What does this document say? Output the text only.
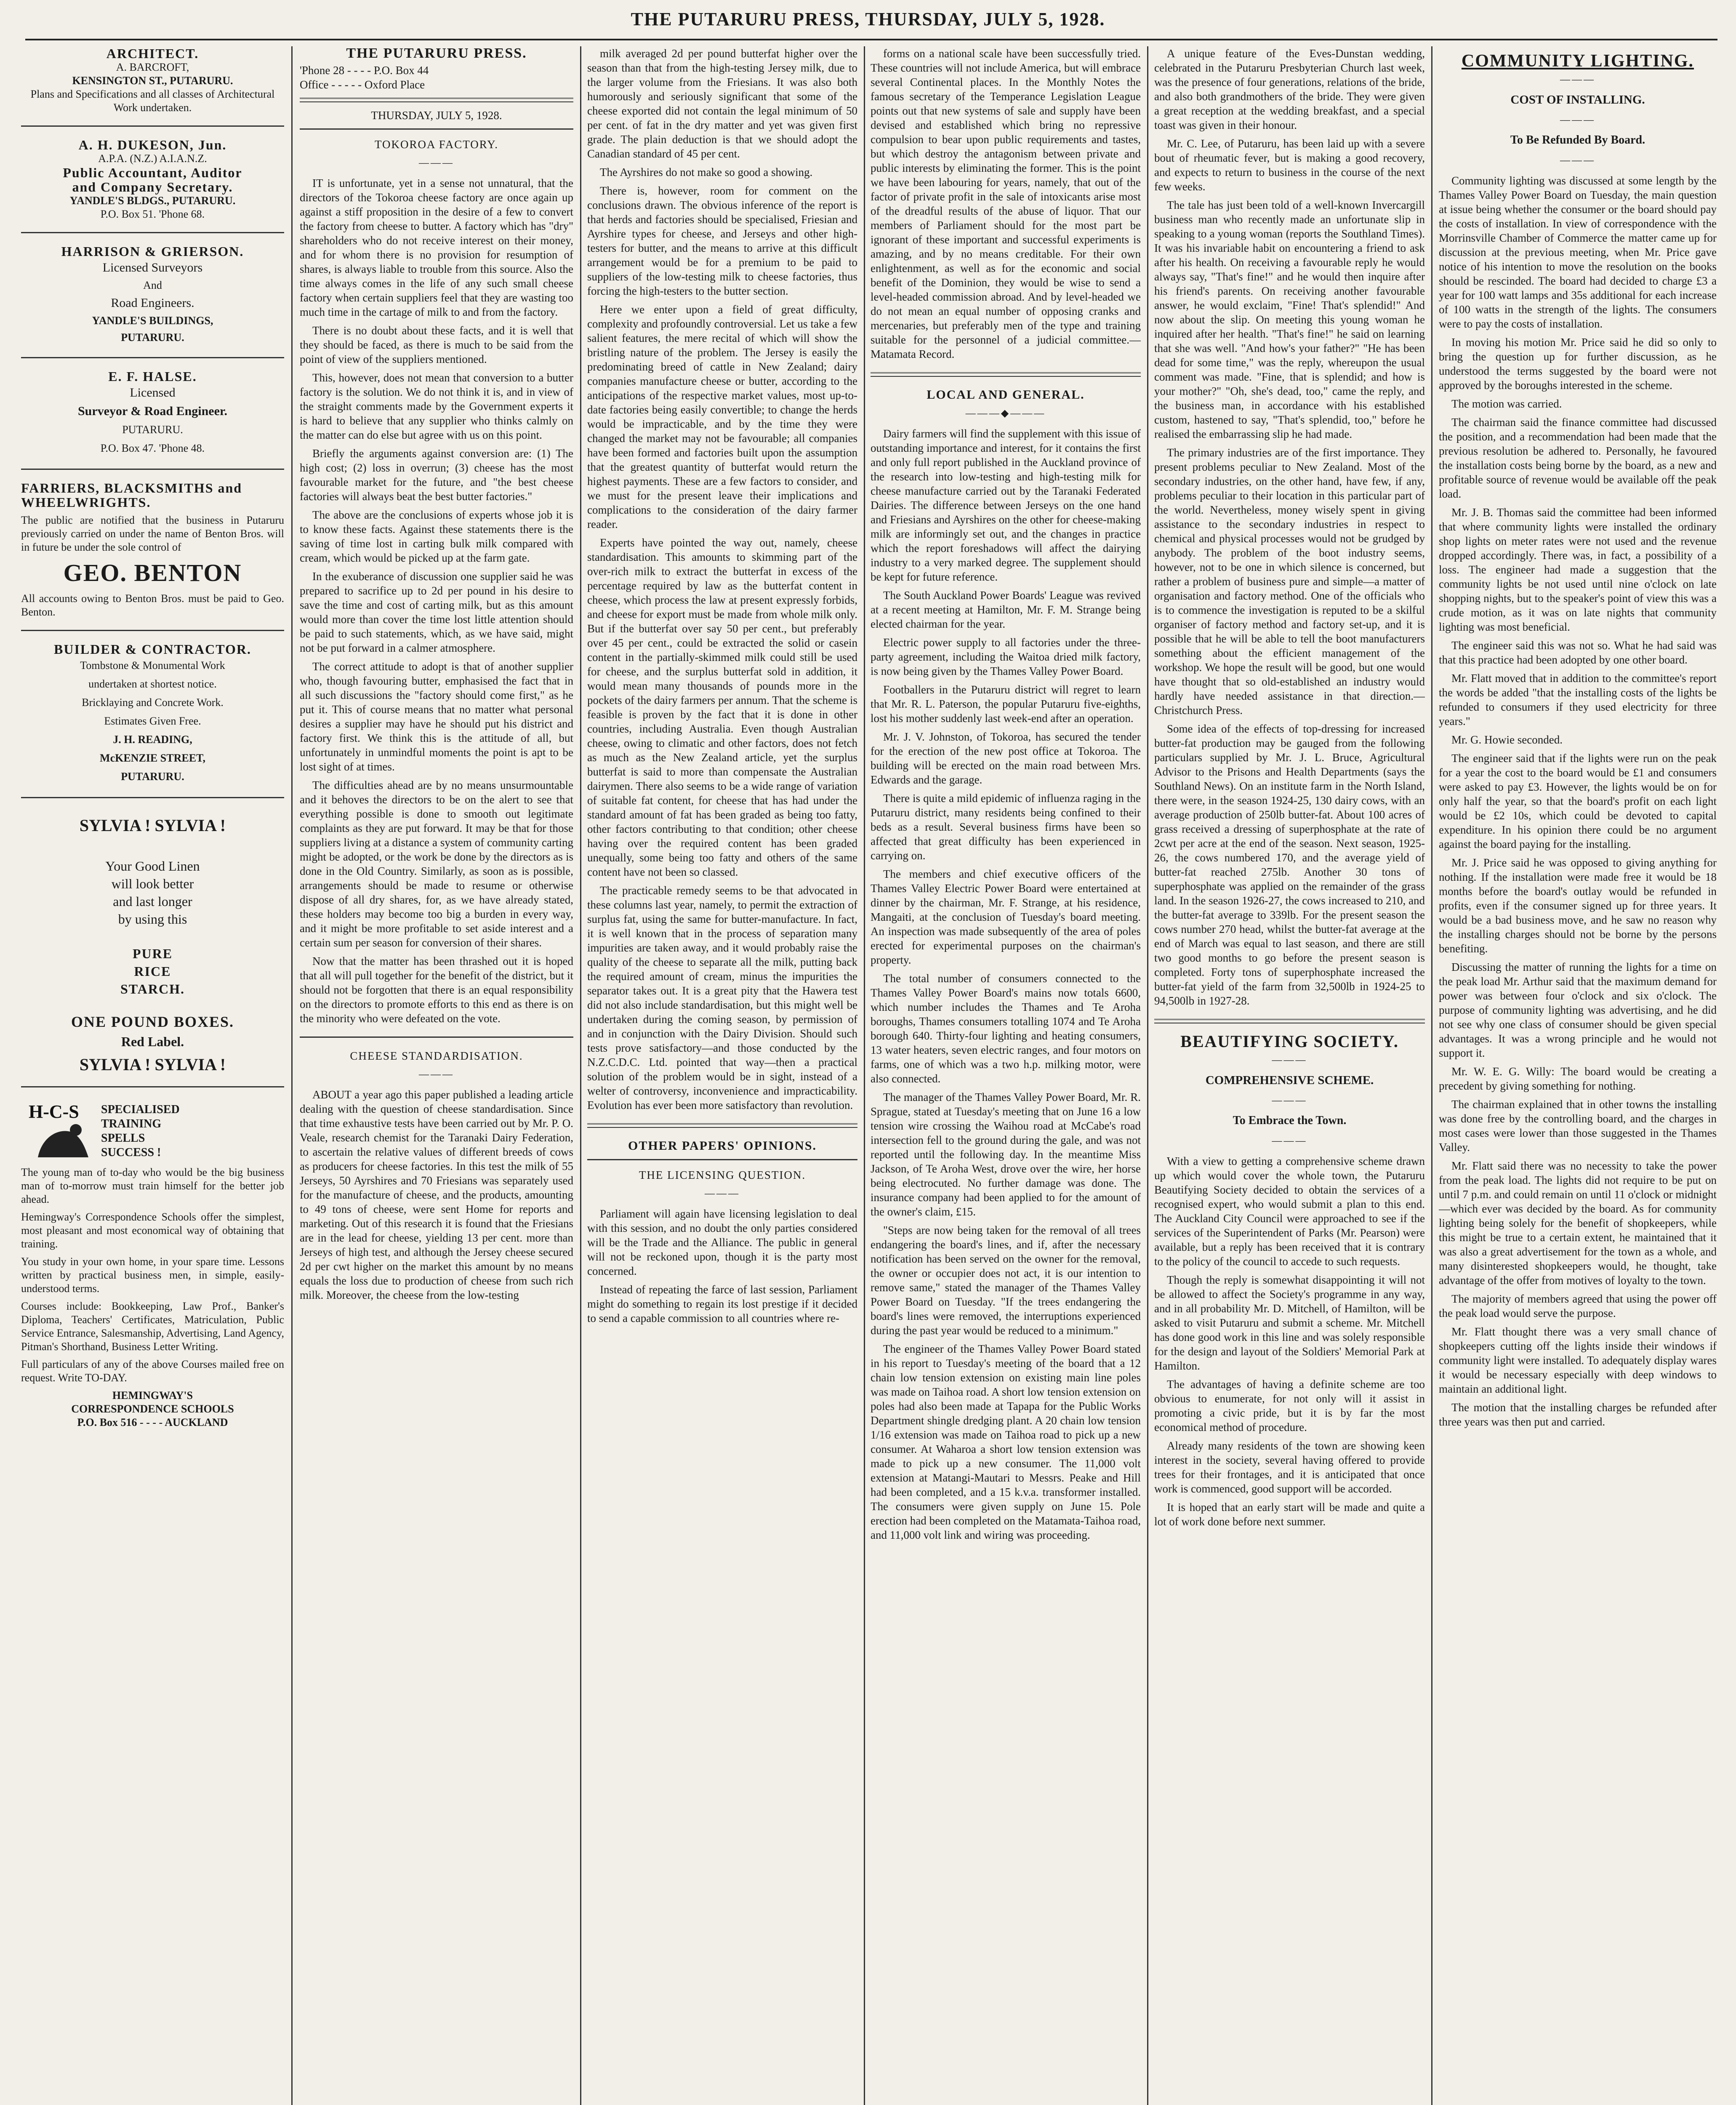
THE PUTARURU PRESS, THURSDAY, JULY 5, 1928.
ARCHITECT.
A. BARCROFT,
KENSINGTON ST., PUTARURU.
Plans and Specifications and all classes of Architectural Work undertaken.
A. H. DUKESON, Jun.
A.P.A. (N.Z.) A.I.A.N.Z.
Public Accountant, Auditor
and Company Secretary.
YANDLE'S BLDGS., PUTARURU.
P.O. Box 51. 'Phone 68.
HARRISON & GRIERSON.
Licensed Surveyors
And
Road Engineers.
YANDLE'S BUILDINGS,
PUTARURU.
E. F. HALSE.
Licensed
Surveyor & Road Engineer.
PUTARURU.
P.O. Box 47. 'Phone 48.
FARRIERS, BLACKSMITHS and WHEELWRIGHTS.

The public are notified that the business in Putaruru previously carried on under the name of Benton Bros. will in future be under the sole control of

GEO. BENTON

All accounts owing to Benton Bros. must be paid to Geo. Benton.

BUILDER & CONTRACTOR.
Tombstone & Monumental Work
undertaken at shortest notice.
Bricklaying and Concrete Work.
Estimates Given Free.
J. H. READING,
McKENZIE STREET,
PUTARURU.
SYLVIA ! SYLVIA !
Your Good Linen
will look better
and last longer
by using this
PURE
RICE
STARCH.
ONE POUND BOXES.
Red Label.
SYLVIA ! SYLVIA !
H-C-S SPECIALISED
TRAINING
SPELLS
SUCCESS !

The young man of to-day who would be the big business man of to-morrow must train himself for the better job ahead.

Hemingway's Correspondence Schools offer the simplest, most pleasant and most economical way of obtaining that training.

You study in your own home, in your spare time. Lessons written by practical business men, in simple, easily-understood terms.

Courses include: Bookkeeping, Law Prof., Banker's Diploma, Teachers' Certificates, Matriculation, Public Service Entrance, Salesmanship, Advertising, Land Agency, Pitman's Shorthand, Business Letter Writing.

Full particulars of any of the above Courses mailed free on request. Write TO-DAY.

HEMINGWAY'S
CORRESPONDENCE SCHOOLS
P.O. Box 516 - - - - AUCKLAND
THE PUTARURU PRESS.
'Phone 28 - - - - P.O. Box 44
Office - - - - - Oxford Place
THURSDAY, JULY 5, 1928.
TOKOROA FACTORY.
———

IT is unfortunate, yet in a sense not unnatural, that the directors of the Tokoroa cheese factory are once again up against a stiff proposition in the desire of a few to convert the factory from cheese to butter. A factory which has "dry" shareholders who do not receive interest on their money, and for whom there is no provision for resumption of shares, is always liable to trouble from this source. Also the time always comes in the life of any such small cheese factory when certain suppliers feel that they are wasting too much time in the cartage of milk to and from the factory.

There is no doubt about these facts, and it is well that they should be faced, as there is much to be said from the point of view of the suppliers mentioned.

This, however, does not mean that conversion to a butter factory is the solution. We do not think it is, and in view of the straight comments made by the Government experts it is hard to believe that any supplier who thinks calmly on the matter can do else but agree with us on this point.

Briefly the arguments against conversion are: (1) The high cost; (2) loss in overrun; (3) cheese has the most favourable market for the future, and "the best cheese factories will always beat the best butter factories."

The above are the conclusions of experts whose job it is to know these facts. Against these statements there is the saving of time lost in carting bulk milk compared with cream, which would be picked up at the farm gate.

In the exuberance of discussion one supplier said he was prepared to sacrifice up to 2d per pound in his desire to save the time and cost of carting milk, but as this amount would more than cover the time lost little attention should be paid to such statements, which, as we have said, might not be put forward in a calmer atmosphere.

The correct attitude to adopt is that of another supplier who, though favouring butter, emphasised the fact that in all such discussions the "factory should come first," as he put it. This of course means that no matter what personal desires a supplier may have he should put his district and factory first. We think this is the attitude of all, but unfortunately in unmindful moments the point is apt to be lost sight of at times.

The difficulties ahead are by no means unsurmountable and it behoves the directors to be on the alert to see that everything possible is done to smooth out legitimate complaints as they are put forward. It may be that for those suppliers living at a distance a system of community carting might be adopted, or the work be done by the directors as is done in the Old Country. Similarly, as soon as is possible, arrangements should be made to resume or otherwise dispose of all dry shares, for, as we have already stated, these holders may become too big a burden in every way, and it might be more profitable to set aside interest and a certain sum per season for conversion of their shares.

Now that the matter has been thrashed out it is hoped that all will pull together for the benefit of the district, but it should not be forgotten that there is an equal responsibility on the directors to promote efforts to this end as there is on the minority who were defeated on the vote.

CHEESE STANDARDISATION.
———

ABOUT a year ago this paper published a leading article dealing with the question of cheese standardisation. Since that time exhaustive tests have been carried out by Mr. P. O. Veale, research chemist for the Taranaki Dairy Federation, to ascertain the relative values of different breeds of cows as producers for cheese factories. In this test the milk of 55 Jerseys, 50 Ayrshires and 70 Friesians was separately used for the manufacture of cheese, and the products, amounting to 49 tons of cheese, were sent Home for reports and marketing. Out of this research it is found that the Friesians are in the lead for cheese, yielding 13 per cent. more than Jerseys of high test, and although the Jersey cheese secured 2d per cwt higher on the market this amount by no means equals the loss due to production of cheese from such rich milk. Moreover, the cheese from the low-testing

milk averaged 2d per pound butterfat higher over the season than that from the high-testing Jersey milk, due to the larger volume from the Friesians. It was also both humorously and seriously significant that some of the cheese exported did not contain the legal minimum of 50 per cent. of fat in the dry matter and yet was given first grade. The plain deduction is that we should adopt the Canadian standard of 45 per cent.

The Ayrshires do not make so good a showing.

There is, however, room for comment on the conclusions drawn. The obvious inference of the report is that herds and factories should be specialised, Friesian and Ayrshire types for cheese, and Jerseys and other high-testers for butter, and the means to arrive at this difficult arrangement would be for a premium to be paid to suppliers of the low-testing milk to cheese factories, thus forcing the high-testers to the butter section.

Here we enter upon a field of great difficulty, complexity and profoundly controversial. Let us take a few salient features, the mere recital of which will show the bristling nature of the problem. The Jersey is easily the predominating breed of cattle in New Zealand; dairy companies manufacture cheese or butter, according to the anticipations of the respective market values, most up-to-date factories being easily convertible; to change the herds would be impracticable, and by the time they were changed the market may not be favourable; all companies have been formed and factories built upon the assumption that the greatest quantity of butterfat would return the highest payments. These are a few factors to consider, and we must for the present leave their implications and complications to the consideration of the dairy farmer reader.

Experts have pointed the way out, namely, cheese standardisation. This amounts to skimming part of the over-rich milk to extract the butterfat in excess of the percentage required by law as the butterfat content in cheese, which process the law at present expressly forbids, and cheese for export must be made from whole milk only. But if the butterfat over say 50 per cent., but preferably over 45 per cent., could be extracted the solid or casein content in the partially-skimmed milk could still be used for cheese, and the surplus butterfat sold in addition, it would mean many thousands of pounds more in the pockets of the dairy farmers per annum. That the scheme is feasible is proven by the fact that it is done in other countries, including Australia. Even though Australian cheese, owing to climatic and other factors, does not fetch as much as the New Zealand article, yet the surplus butterfat is said to more than compensate the Australian dairymen. There also seems to be a wide range of variation of suitable fat content, for cheese that has had under the standard amount of fat has been graded as being too fatty, other factors contributing to that condition; other cheese having over the required content has been graded unequally, some being too fatty and others of the same content have not been so classed.

The practicable remedy seems to be that advocated in these columns last year, namely, to permit the extraction of surplus fat, using the same for butter-manufacture. In fact, it is well known that in the process of separation many impurities are taken away, and it would probably raise the quality of the cheese to separate all the milk, putting back the required amount of cream, minus the impurities the separator takes out. It is a great pity that the Hawera test did not also include standardisation, but this might well be undertaken during the coming season, by permission of and in conjunction with the Dairy Division. Should such tests prove satisfactory—and those conducted by the N.Z.C.D.C. Ltd. pointed that way—then a practical solution of the problem would be in sight, instead of a welter of controversy, inconvenience and impracticability. Evolution has ever been more satisfactory than revolution.

OTHER PAPERS' OPINIONS.
THE LICENSING QUESTION.
———

Parliament will again have licensing legislation to deal with this session, and no doubt the only parties considered will be the Trade and the Alliance. The public in general will not be reckoned upon, though it is the party most concerned.

Instead of repeating the farce of last session, Parliament might do something to regain its lost prestige if it decided to send a capable commission to all countries where re-

forms on a national scale have been successfully tried. These countries will not include America, but will embrace several Continental places. In the Monthly Notes the famous secretary of the Temperance Legislation League points out that new systems of sale and supply have been devised and established which bring no repressive compulsion to bear upon public requirements and tastes, but which destroy the antagonism between private and public interests by eliminating the former. This is the point we have been labouring for years, namely, that out of the factor of private profit in the sale of intoxicants arise most of the dreadful results of the abuse of liquor. That our members of Parliament should for the most part be ignorant of these important and successful experiments is amazing, and by no means creditable. For their own enlightenment, as well as for the economic and social benefit of the Dominion, they would be wise to send a level-headed commission abroad. And by level-headed we do not mean an equal number of opposing cranks and mercenaries, but preferably men of the type and training suitable for the personnel of a judicial committee.—Matamata Record.

LOCAL AND GENERAL.
———◆———

Dairy farmers will find the supplement with this issue of outstanding importance and interest, for it contains the first and only full report published in the Auckland province of the research into low-testing and high-testing milk for cheese manufacture carried out by the Taranaki Federated Dairies. The difference between Jerseys on the one hand and Friesians and Ayrshires on the other for cheese-making milk are informingly set out, and the changes in practice which the report foreshadows will affect the dairying industry to a very marked degree. The supplement should be kept for future reference.

The South Auckland Power Boards' League was revived at a recent meeting at Hamilton, Mr. F. M. Strange being elected chairman for the year.

Electric power supply to all factories under the three-party agreement, including the Waitoa dried milk factory, is now being given by the Thames Valley Power Board.

Footballers in the Putaruru district will regret to learn that Mr. R. L. Paterson, the popular Putaruru five-eighths, lost his mother suddenly last week-end after an operation.

Mr. J. V. Johnston, of Tokoroa, has secured the tender for the erection of the new post office at Tokoroa. The building will be erected on the main road between Mrs. Edwards and the garage.

There is quite a mild epidemic of influenza raging in the Putaruru district, many residents being confined to their beds as a result. Several business firms have been so affected that great difficulty has been experienced in carrying on.

The members and chief executive officers of the Thames Valley Electric Power Board were entertained at dinner by the chairman, Mr. F. Strange, at his residence, Mangaiti, at the conclusion of Tuesday's board meeting. An inspection was made subsequently of the area of poles erected for experimental purposes on the chairman's property.

The total number of consumers connected to the Thames Valley Power Board's mains now totals 6600, which number includes the Thames and Te Aroha boroughs, Thames consumers totalling 1074 and Te Aroha borough 640. Thirty-four lighting and heating consumers, 13 water heaters, seven electric ranges, and four motors on farms, one of which was a two h.p. milking motor, were also connected.

The manager of the Thames Valley Power Board, Mr. R. Sprague, stated at Tuesday's meeting that on June 16 a low tension wire crossing the Waihou road at McCabe's road intersection fell to the ground during the gale, and was not reported until the following day. In the meantime Miss Jackson, of Te Aroha West, drove over the wire, her horse being electrocuted. No further damage was done. The insurance company had been applied to for the amount of the owner's claim, £15.

"Steps are now being taken for the removal of all trees endangering the board's lines, and if, after the necessary notification has been served on the owner for the removal, the owner or occupier does not act, it is our intention to remove same," stated the manager of the Thames Valley Power Board on Tuesday. "If the trees endangering the board's lines were removed, the interruptions experienced during the past year would be reduced to a minimum."

The engineer of the Thames Valley Power Board stated in his report to Tuesday's meeting of the board that a 12 chain low tension extension on existing main line poles was made on Taihoa road. A short low tension extension on poles had also been made at Tapapa for the Public Works Department shingle dredging plant. A 20 chain low tension 1/16 extension was made on Taihoa road to pick up a new consumer. At Waharoa a short low tension extension was made to pick up a new consumer. The 11,000 volt extension at Matangi-Mautari to Messrs. Peake and Hill had been completed, and a 15 k.v.a. transformer installed. The consumers were given supply on June 15. Pole erection had been completed on the Matamata-Taihoa road, and 11,000 volt link and wiring was proceeding.

A unique feature of the Eves-Dunstan wedding, celebrated in the Putaruru Presbyterian Church last week, was the presence of four generations, relations of the bride, and also both grandmothers of the bride. They were given a great reception at the wedding breakfast, and a special toast was given in their honour.

Mr. C. Lee, of Putaruru, has been laid up with a severe bout of rheumatic fever, but is making a good recovery, and expects to return to business in the course of the next few weeks.

The tale has just been told of a well-known Invercargill business man who recently made an unfortunate slip in speaking to a young woman (reports the Southland Times). It was his invariable habit on encountering a friend to ask after his health. On receiving a favourable reply he would always say, "That's fine!" and he would then inquire after his friend's parents. On receiving another favourable answer, he would exclaim, "Fine! That's splendid!" And now about the slip. On meeting this young woman he inquired after her health. "That's fine!" he said on learning that she was well. "And how's your father?" "He has been dead for some time," was the reply, whereupon the usual comment was made. "Fine, that is splendid; and how is your mother?" "Oh, she's dead, too," came the reply, and the business man, in accordance with his established custom, hastened to say, "That's splendid, too," before he realised the embarrassing slip he had made.

The primary industries are of the first importance. They present problems peculiar to New Zealand. Most of the secondary industries, on the other hand, have few, if any, problems peculiar to their location in this particular part of the world. Nevertheless, money wisely spent in giving assistance to the secondary industries in respect to chemical and physical processes would not be grudged by anybody. The problem of the boot industry seems, however, not to be one in which silence is concerned, but rather a problem of business pure and simple—a matter of organisation and factory method. One of the officials who is to commence the investigation is reputed to be a skilful organiser of factory method and factory set-up, and it is possible that he will be able to tell the boot manufacturers something about the efficient management of the workshop. We hope the result will be good, but one would have thought that so old-established an industry would hardly have needed assistance in that direction.—Christchurch Press.

Some idea of the effects of top-dressing for increased butter-fat production may be gauged from the following particulars supplied by Mr. J. L. Bruce, Agricultural Advisor to the Prisons and Health Departments (says the Southland News). On an institute farm in the North Island, there were, in the season 1924-25, 130 dairy cows, with an average production of 250lb butter-fat. About 100 acres of grass received a dressing of superphosphate at the rate of 2cwt per acre at the end of the season. Next season, 1925-26, the cows numbered 170, and the average yield of butter-fat reached 275lb. Another 30 tons of superphosphate was applied on the remainder of the grass land. In the season 1926-27, the cows increased to 210, and the butter-fat average to 339lb. For the present season the cows number 270 head, whilst the butter-fat average at the end of March was equal to last season, and there are still two good months to go before the present season is completed. Forty tons of superphosphate increased the butter-fat yield of the farm from 32,500lb in 1924-25 to 94,500lb in 1927-28.

BEAUTIFYING SOCIETY.
———
COMPREHENSIVE SCHEME.
———
To Embrace the Town.
———

With a view to getting a comprehensive scheme drawn up which would cover the whole town, the Putaruru Beautifying Society decided to obtain the services of a recognised expert, who would submit a plan to this end. The Auckland City Council were approached to see if the services of the Superintendent of Parks (Mr. Pearson) were available, but a reply has been received that it is contrary to the policy of the council to accede to such requests.

Though the reply is somewhat disappointing it will not be allowed to affect the Society's programme in any way, and in all probability Mr. D. Mitchell, of Hamilton, will be asked to visit Putaruru and submit a scheme. Mr. Mitchell has done good work in this line and was solely responsible for the design and layout of the Soldiers' Memorial Park at Hamilton.

The advantages of having a definite scheme are too obvious to enumerate, for not only will it assist in promoting a civic pride, but it is by far the most economical method of procedure.

Already many residents of the town are showing keen interest in the society, several having offered to provide trees for their frontages, and it is anticipated that once work is commenced, good support will be accorded.

It is hoped that an early start will be made and quite a lot of work done before next summer.

COMMUNITY LIGHTING.
———
COST OF INSTALLING.
———
To Be Refunded By Board.
———

Community lighting was discussed at some length by the Thames Valley Power Board on Tuesday, the main question at issue being whether the consumer or the board should pay the costs of installation. In view of correspondence with the Morrinsville Chamber of Commerce the matter came up for discussion at the previous meeting, when Mr. Price gave notice of his intention to move the resolution on the books should be rescinded. The board had decided to charge £3 a year for 100 watt lamps and 35s additional for each increase of 100 watts in the strength of the lights. The consumers were to pay the costs of installation.

In moving his motion Mr. Price said he did so only to bring the question up for further discussion, as he understood the terms suggested by the board were not approved by the boroughs interested in the scheme.

The motion was carried.

The chairman said the finance committee had discussed the position, and a recommendation had been made that the previous resolution be adhered to. Personally, he favoured the installation costs being borne by the board, as a new and profitable source of revenue would be available off the peak load.

Mr. J. B. Thomas said the committee had been informed that where community lights were installed the ordinary shop lights on meter rates were not used and the revenue dropped accordingly. There was, in fact, a possibility of a loss. The engineer had made a suggestion that the community lights be not used until nine o'clock on late shopping nights, but to the speaker's point of view this was a crude motion, as it was on late nights that community lighting was most beneficial.

The engineer said this was not so. What he had said was that this practice had been adopted by one other board.

Mr. Flatt moved that in addition to the committee's report the words be added "that the installing costs of the lights be refunded to consumers if they used electricity for three years."

Mr. G. Howie seconded.

The engineer said that if the lights were run on the peak for a year the cost to the board would be £1 and consumers were asked to pay £3. However, the lights would be on for only half the year, so that the board's profit on each light would be £2 10s, which could be devoted to capital expenditure. In his opinion there could be no argument against the board paying for the installing.

Mr. J. Price said he was opposed to giving anything for nothing. If the installation were made free it would be 18 months before the board's outlay would be refunded in profits, even if the consumer signed up for three years. It would be a bad business move, and he saw no reason why the installing charges should not be borne by the persons benefiting.

Discussing the matter of running the lights for a time on the peak load Mr. Arthur said that the maximum demand for power was between four o'clock and six o'clock. The purpose of community lighting was advertising, and he did not see why one class of consumer should be given special advantages. It was a wrong principle and he would not support it.

Mr. W. E. G. Willy: The board would be creating a precedent by giving something for nothing.

The chairman explained that in other towns the installing was done free by the controlling board, and the charges in most cases were lower than those suggested in the Thames Valley.

Mr. Flatt said there was no necessity to take the power from the peak load. The lights did not require to be put on until 7 p.m. and could remain on until 11 o'clock or midnight—which ever was decided by the board. As for community lighting being solely for the benefit of shopkeepers, while this might be true to a certain extent, he maintained that it was also a great advertisement for the town as a whole, and many disinterested shopkeepers would, he thought, take advantage of the offer from motives of loyalty to the town.

The majority of members agreed that using the power off the peak load would serve the purpose.

Mr. Flatt thought there was a very small chance of shopkeepers cutting off the lights inside their windows if community light were installed. To adequately display wares it would be necessary especially with deep windows to maintain an additional light.

The motion that the installing charges be refunded after three years was then put and carried.
